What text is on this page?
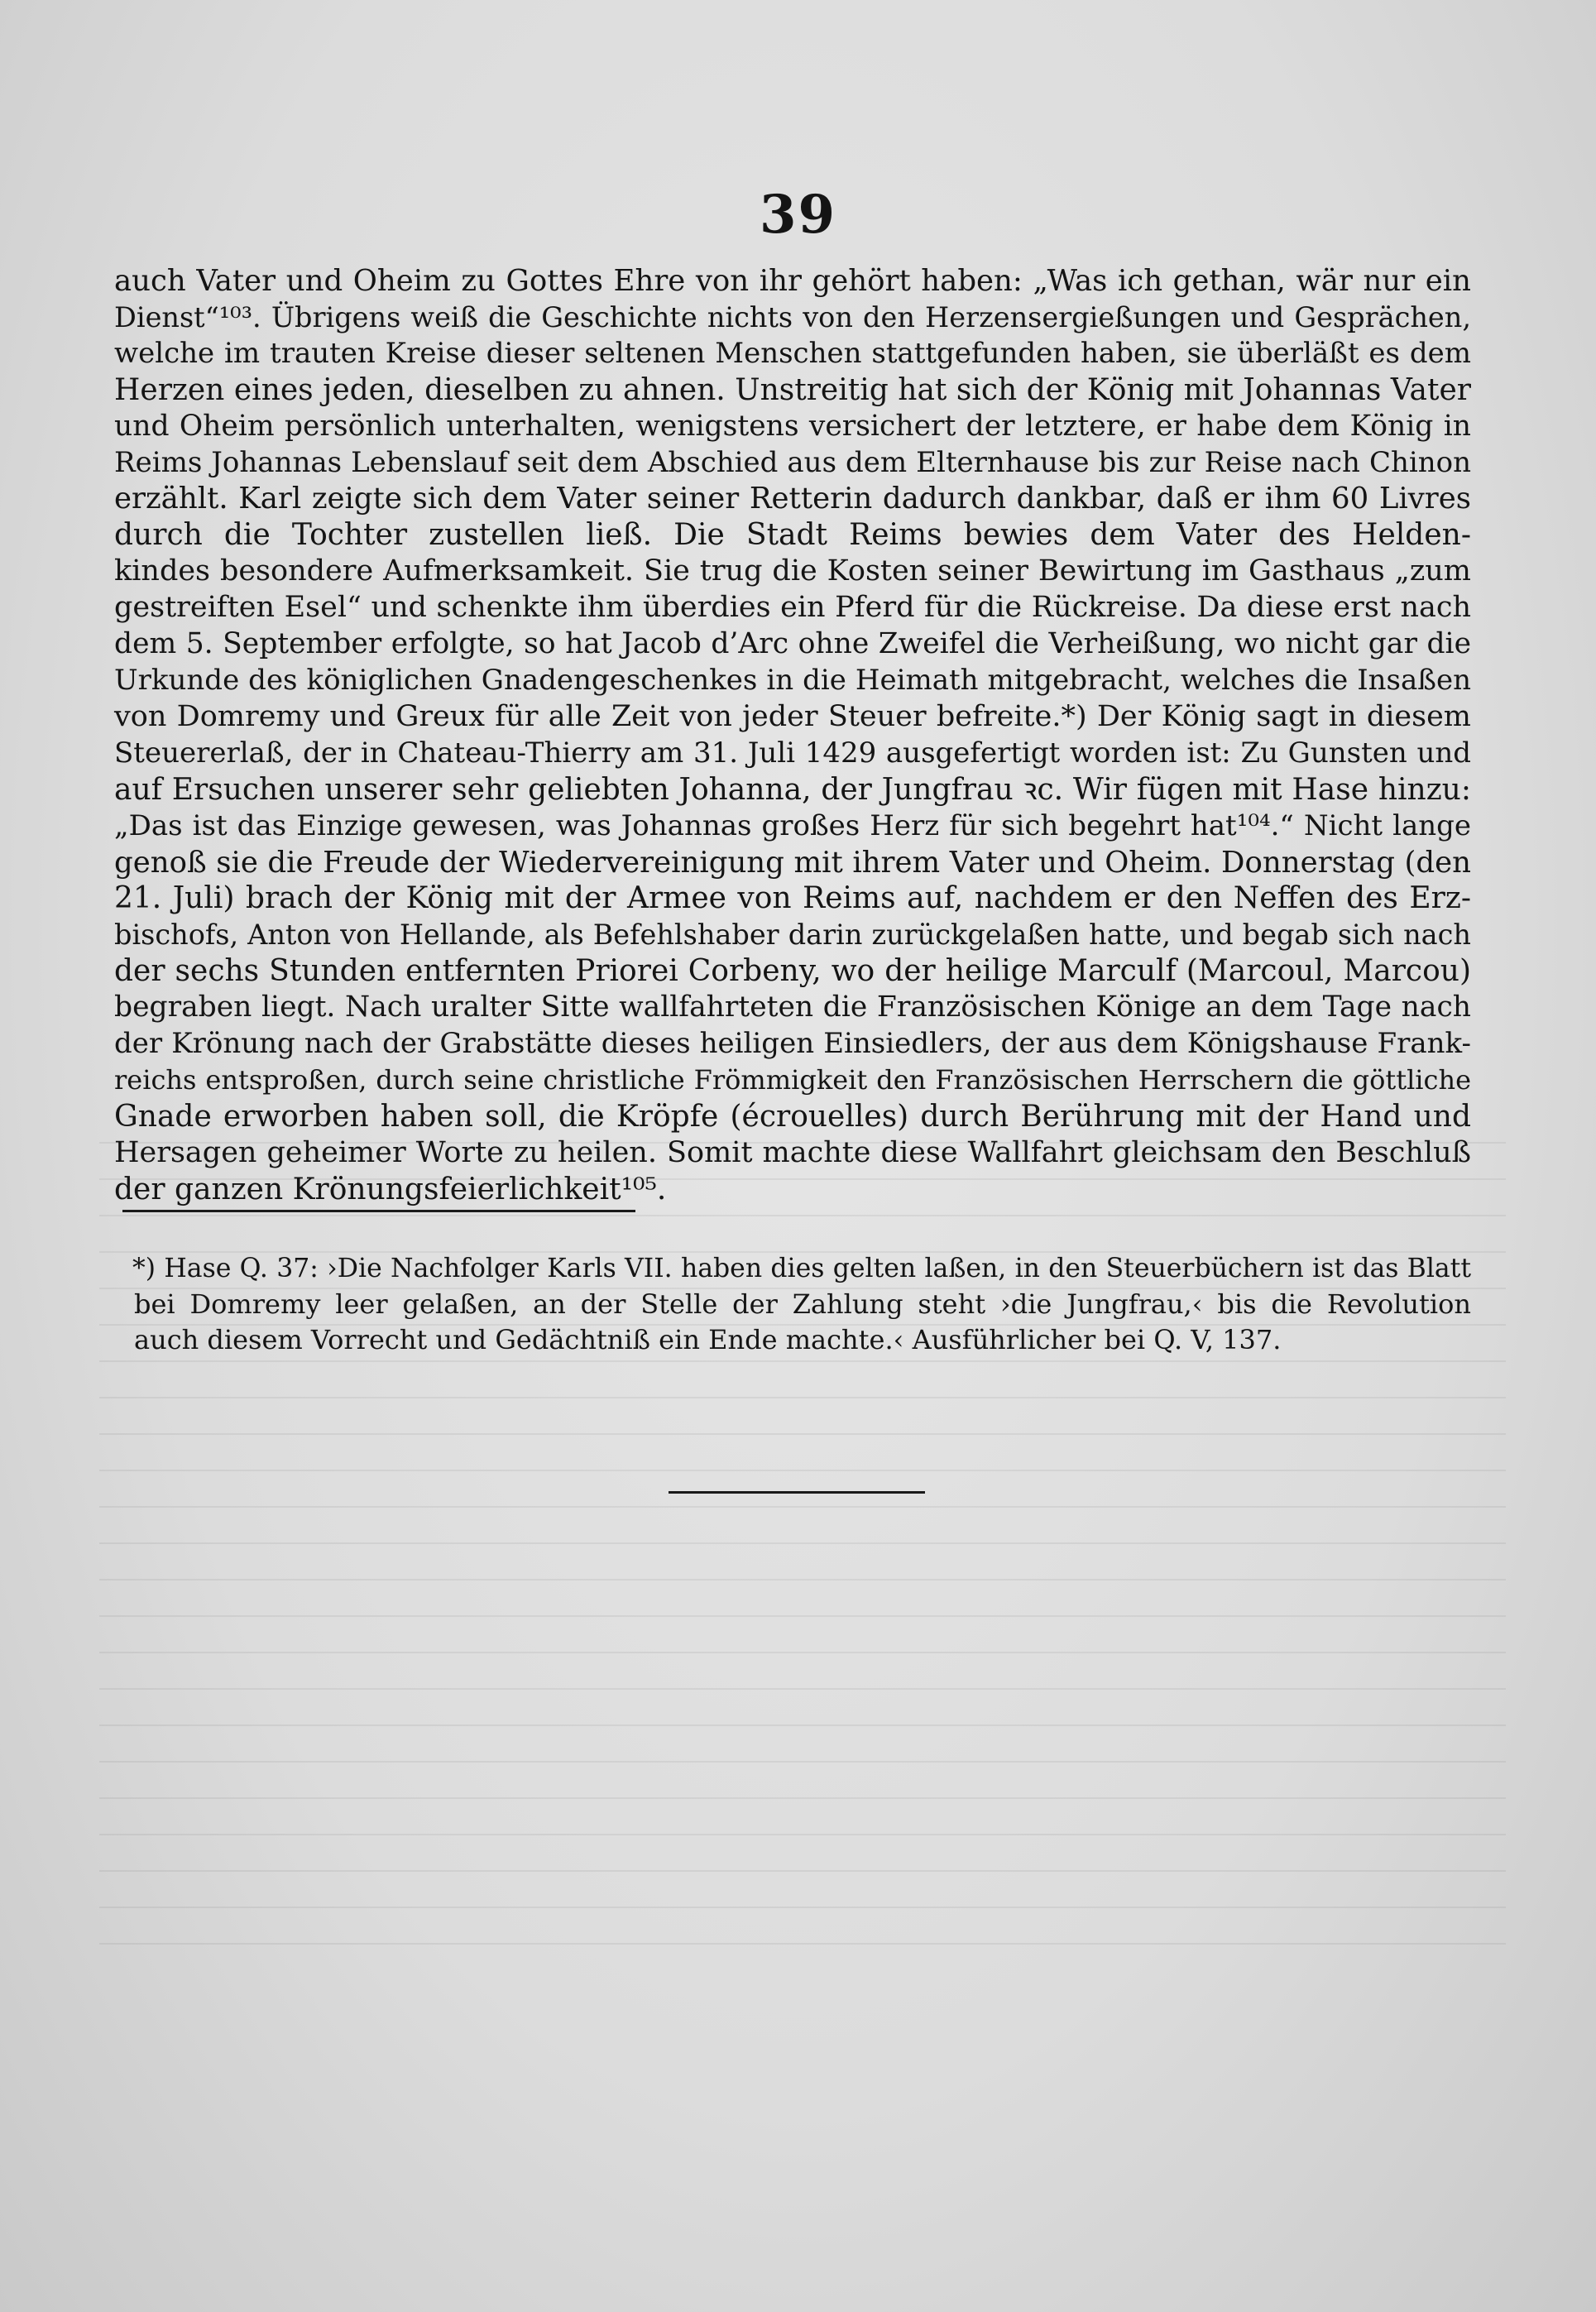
39
auch Vater und Oheim zu Gottes Ehre von ihr gehört haben: „Was ich gethan, wär nur ein
Dienst“¹⁰³. Übrigens weiß die Geschichte nichts von den Herzensergießungen und Gesprächen,
welche im trauten Kreise dieser seltenen Menschen stattgefunden haben, sie überläßt es dem
Herzen eines jeden, dieselben zu ahnen. Unstreitig hat sich der König mit Johannas Vater
und Oheim persönlich unterhalten, wenigstens versichert der letztere, er habe dem König in
Reims Johannas Lebenslauf seit dem Abschied aus dem Elternhause bis zur Reise nach Chinon
erzählt. Karl zeigte sich dem Vater seiner Retterin dadurch dankbar, daß er ihm 60 Livres
durch die Tochter zustellen ließ. Die Stadt Reims bewies dem Vater des Helden-
kindes besondere Aufmerksamkeit. Sie trug die Kosten seiner Bewirtung im Gasthaus „zum
gestreiften Esel“ und schenkte ihm überdies ein Pferd für die Rückreise. Da diese erst nach
dem 5. September erfolgte, so hat Jacob d’Arc ohne Zweifel die Verheißung, wo nicht gar die
Urkunde des königlichen Gnadengeschenkes in die Heimath mitgebracht, welches die Insaßen
von Domremy und Greux für alle Zeit von jeder Steuer befreite.*) Der König sagt in diesem
Steuererlaß, der in Chateau-Thierry am 31. Juli 1429 ausgefertigt worden ist: Zu Gunsten und
auf Ersuchen unserer sehr geliebten Johanna, der Jungfrau ꝛc. Wir fügen mit Hase hinzu:
„Das ist das Einzige gewesen, was Johannas großes Herz für sich begehrt hat¹⁰⁴.“ Nicht lange
genoß sie die Freude der Wiedervereinigung mit ihrem Vater und Oheim. Donnerstag (den
21. Juli) brach der König mit der Armee von Reims auf, nachdem er den Neffen des Erz-
bischofs, Anton von Hellande, als Befehlshaber darin zurückgelaßen hatte, und begab sich nach
der sechs Stunden entfernten Priorei Corbeny, wo der heilige Marculf (Marcoul, Marcou)
begraben liegt. Nach uralter Sitte wallfahrteten die Französischen Könige an dem Tage nach
der Krönung nach der Grabstätte dieses heiligen Einsiedlers, der aus dem Königshause Frank-
reichs entsproßen, durch seine christliche Frömmigkeit den Französischen Herrschern die göttliche
Gnade erworben haben soll, die Kröpfe (écrouelles) durch Berührung mit der Hand und
Hersagen geheimer Worte zu heilen. Somit machte diese Wallfahrt gleichsam den Beschluß
der ganzen Krönungsfeierlichkeit¹⁰⁵.
*) Hase Q. 37: ›Die Nachfolger Karls VII. haben dies gelten laßen, in den Steuerbüchern ist das Blatt
bei Domremy leer gelaßen, an der Stelle der Zahlung steht ›die Jungfrau,‹ bis die Revolution
auch diesem Vorrecht und Gedächtniß ein Ende machte.‹ Ausführlicher bei Q. V, 137.
